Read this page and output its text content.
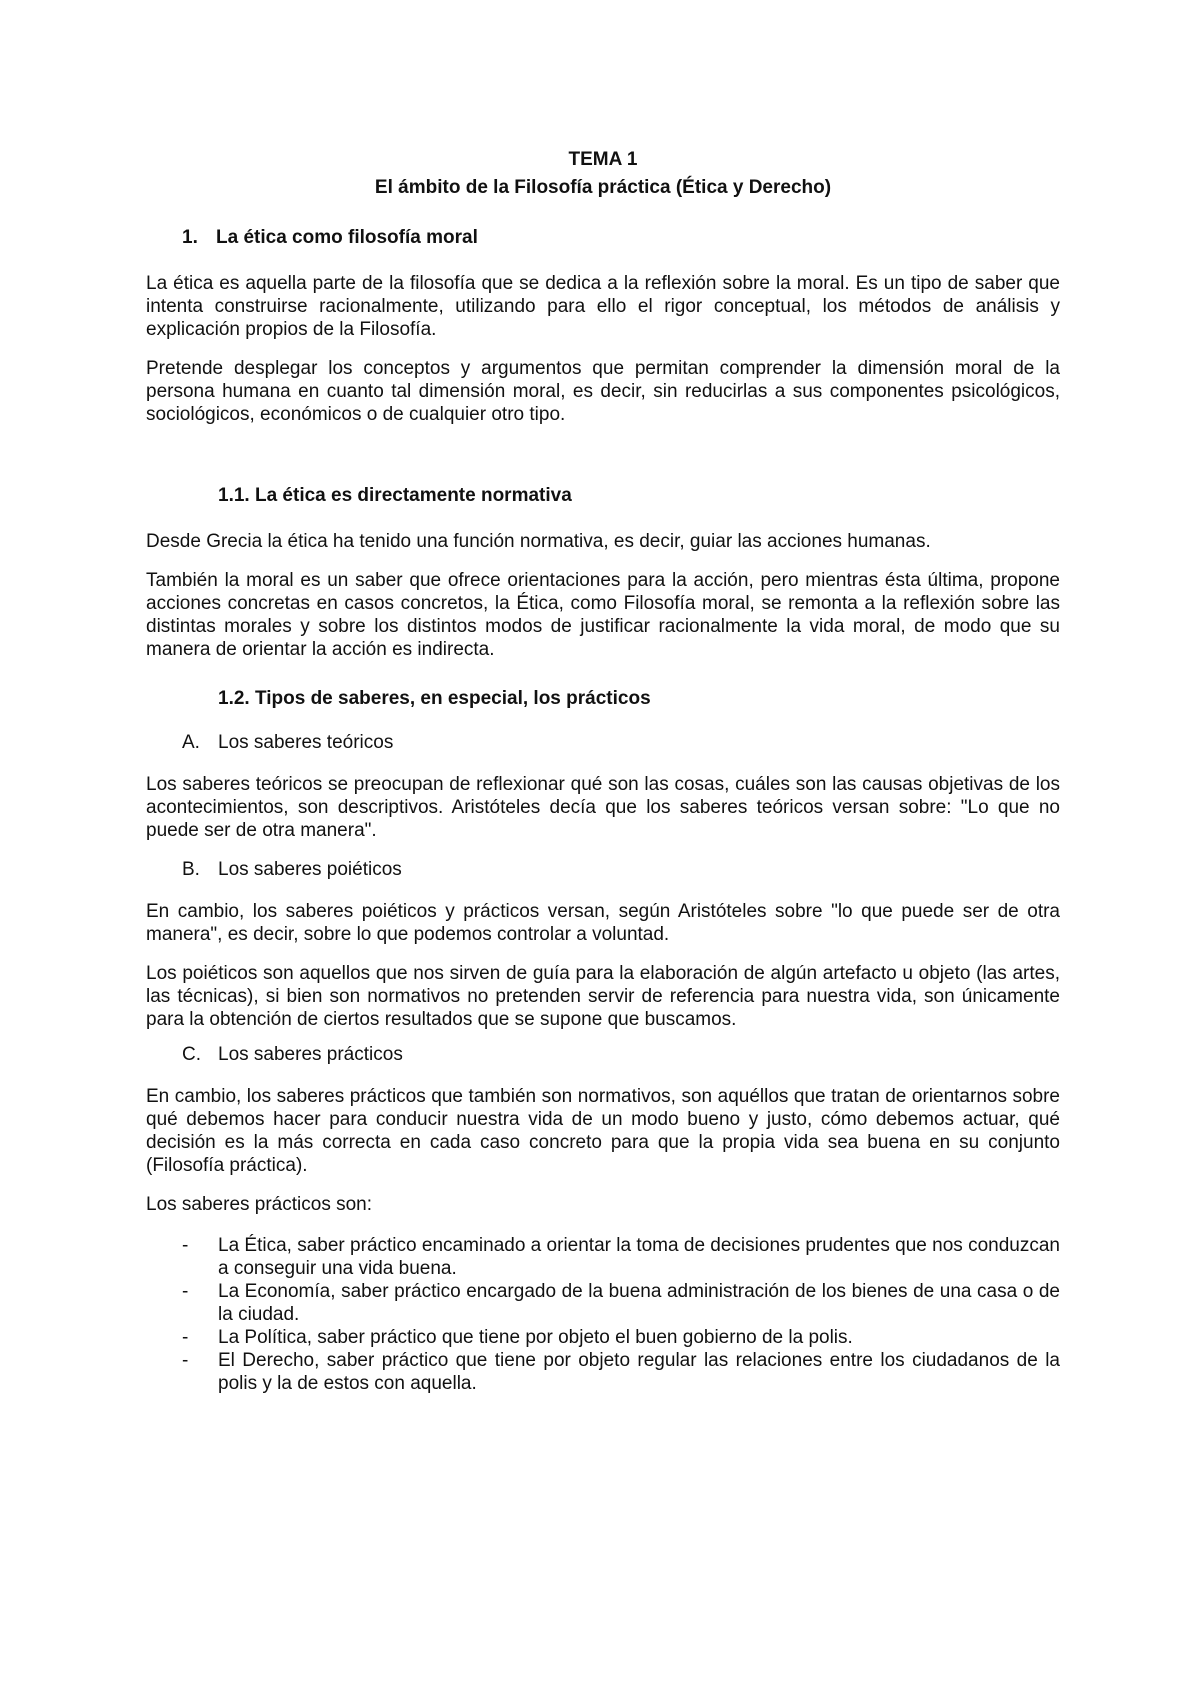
TEMA 1
El ámbito de la Filosofía práctica (Ética y Derecho)
1. La ética como filosofía moral

La ética es aquella parte de la filosofía que se dedica a la reflexión sobre la moral. Es un tipo de saber que intenta construirse racionalmente, utilizando para ello el rigor conceptual, los métodos de análisis y explicación propios de la Filosofía.

Pretende desplegar los conceptos y argumentos que permitan comprender la dimensión moral de la persona humana en cuanto tal dimensión moral, es decir, sin reducirlas a sus componentes psicológicos, sociológicos, económicos o de cualquier otro tipo.

1.1. La ética es directamente normativa

Desde Grecia la ética ha tenido una función normativa, es decir, guiar las acciones humanas.

También la moral es un saber que ofrece orientaciones para la acción, pero mientras ésta última, propone acciones concretas en casos concretos, la Ética, como Filosofía moral, se remonta a la reflexión sobre las distintas morales y sobre los distintos modos de justificar racionalmente la vida moral, de modo que su manera de orientar la acción es indirecta.

1.2. Tipos de saberes, en especial, los prácticos
A. Los saberes teóricos

Los saberes teóricos se preocupan de reflexionar qué son las cosas, cuáles son las causas objetivas de los acontecimientos, son descriptivos. Aristóteles decía que los saberes teóricos versan sobre: "Lo que no puede ser de otra manera".

B. Los saberes poiéticos

En cambio, los saberes poiéticos y prácticos versan, según Aristóteles sobre "lo que puede ser de otra manera", es decir, sobre lo que podemos controlar a voluntad.

Los poiéticos son aquellos que nos sirven de guía para la elaboración de algún artefacto u objeto (las artes, las técnicas), si bien son normativos no pretenden servir de referencia para nuestra vida, son únicamente para la obtención de ciertos resultados que se supone que buscamos.

C. Los saberes prácticos

En cambio, los saberes prácticos que también son normativos, son aquéllos que tratan de orientarnos sobre qué debemos hacer para conducir nuestra vida de un modo bueno y justo, cómo debemos actuar, qué decisión es la más correcta en cada caso concreto para que la propia vida sea buena en su conjunto (Filosofía práctica).

Los saberes prácticos son:

- La Ética, saber práctico encaminado a orientar la toma de decisiones prudentes que nos conduzcan a conseguir una vida buena.
- La Economía, saber práctico encargado de la buena administración de los bienes de una casa o de la ciudad.
- La Política, saber práctico que tiene por objeto el buen gobierno de la polis.
- El Derecho, saber práctico que tiene por objeto regular las relaciones entre los ciudadanos de la polis y la de estos con aquella.
